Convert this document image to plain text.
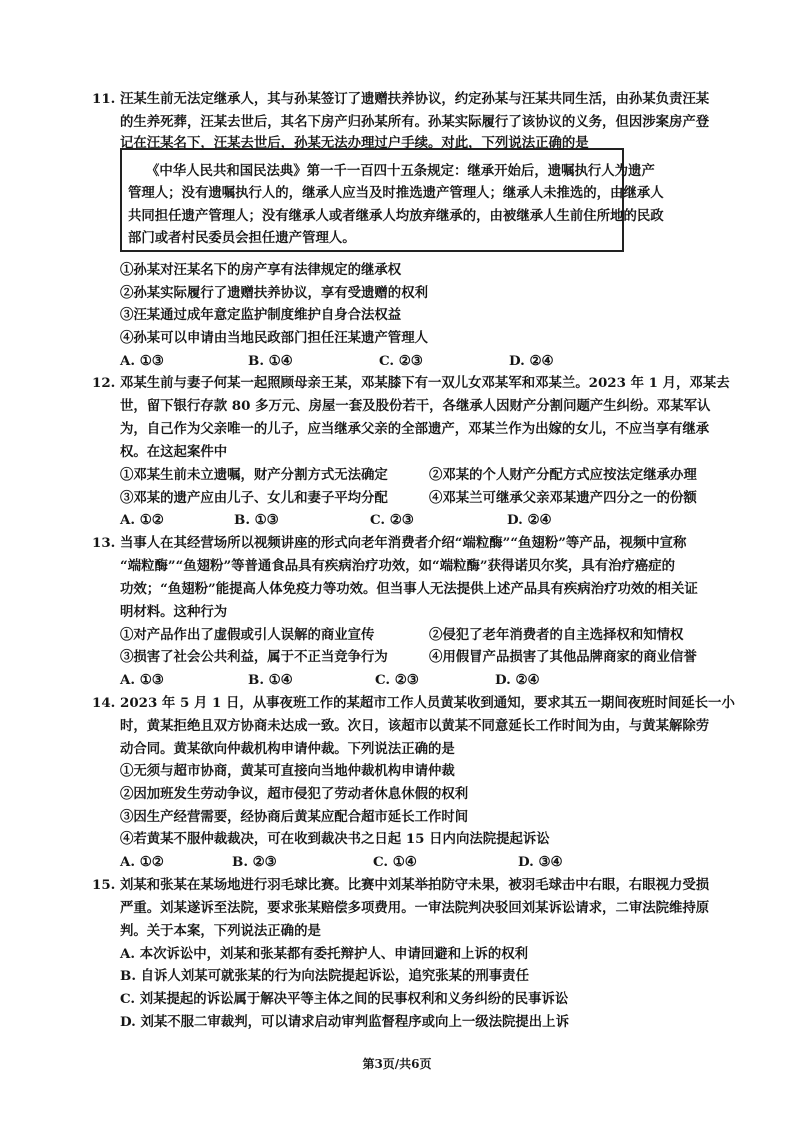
11. 汪某生前无法定继承人，其与孙某签订了遗赠扶养协议，约定孙某与汪某共同生活，由孙某负责汪某
的生养死葬，汪某去世后，其名下房产归孙某所有。孙某实际履行了该协议的义务，但因涉案房产登
记在汪某名下，汪某去世后，孙某无法办理过户手续。对此，下列说法正确的是
《中华人民共和国民法典》第一千一百四十五条规定：继承开始后，遗嘱执行人为遗产
管理人；没有遗嘱执行人的，继承人应当及时推选遗产管理人；继承人未推选的，由继承人
共同担任遗产管理人；没有继承人或者继承人均放弃继承的，由被继承人生前住所地的民政
部门或者村民委员会担任遗产管理人。
①孙某对汪某名下的房产享有法律规定的继承权
②孙某实际履行了遗赠扶养协议，享有受遗赠的权利
③汪某通过成年意定监护制度维护自身合法权益
④孙某可以申请由当地民政部门担任汪某遗产管理人
A. ①③	B. ①④	C. ②③	D. ②④
12. 邓某生前与妻子何某一起照顾母亲王某，邓某膝下有一双儿女邓某军和邓某兰。2023 年 1 月，邓某去
世，留下银行存款 80 多万元、房屋一套及股份若干，各继承人因财产分割问题产生纠纷。邓某军认
为，自己作为父亲唯一的儿子，应当继承父亲的全部遗产，邓某兰作为出嫁的女儿，不应当享有继承
权。在这起案件中
①邓某生前未立遗嘱，财产分割方式无法确定	②邓某的个人财产分配方式应按法定继承办理
③邓某的遗产应由儿子、女儿和妻子平均分配	④邓某兰可继承父亲邓某遗产四分之一的份额
A. ①②	B. ①③	C. ②③	D. ②④
13. 当事人在其经营场所以视频讲座的形式向老年消费者介绍“端粒酶”“鱼翅粉”等产品，视频中宣称
“端粒酶”“鱼翅粉”等普通食品具有疾病治疗功效，如“端粒酶”获得诺贝尔奖，具有治疗癌症的
功效；“鱼翅粉”能提高人体免疫力等功效。但当事人无法提供上述产品具有疾病治疗功效的相关证
明材料。这种行为
①对产品作出了虚假或引人误解的商业宣传	②侵犯了老年消费者的自主选择权和知情权
③损害了社会公共利益，属于不正当竞争行为	④用假冒产品损害了其他品牌商家的商业信誉
A. ①③	B. ①④	C. ②③	D. ②④
14. 2023 年 5 月 1 日，从事夜班工作的某超市工作人员黄某收到通知，要求其五一期间夜班时间延长一小
时，黄某拒绝且双方协商未达成一致。次日，该超市以黄某不同意延长工作时间为由，与黄某解除劳
动合同。黄某欲向仲裁机构申请仲裁。下列说法正确的是
①无须与超市协商，黄某可直接向当地仲裁机构申请仲裁
②因加班发生劳动争议，超市侵犯了劳动者休息休假的权利
③因生产经营需要，经协商后黄某应配合超市延长工作时间
④若黄某不服仲裁裁决，可在收到裁决书之日起 15 日内向法院提起诉讼
A. ①②	B. ②③	C. ①④	D. ③④
15. 刘某和张某在某场地进行羽毛球比赛。比赛中刘某举拍防守未果，被羽毛球击中右眼，右眼视力受损
严重。刘某遂诉至法院，要求张某赔偿多项费用。一审法院判决驳回刘某诉讼请求，二审法院维持原
判。关于本案，下列说法正确的是
A. 本次诉讼中，刘某和张某都有委托辩护人、申请回避和上诉的权利
B. 自诉人刘某可就张某的行为向法院提起诉讼，追究张某的刑事责任
C. 刘某提起的诉讼属于解决平等主体之间的民事权利和义务纠纷的民事诉讼
D. 刘某不服二审裁判，可以请求启动审判监督程序或向上一级法院提出上诉
第3页/共6页
